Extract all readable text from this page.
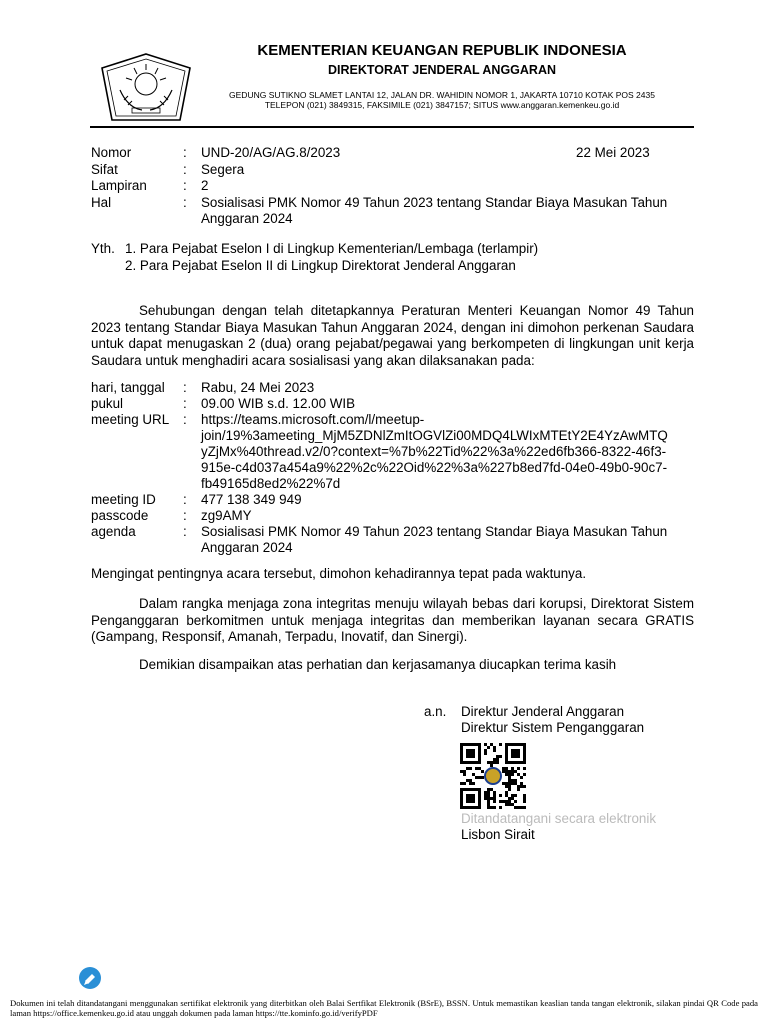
KEMENTERIAN KEUANGAN REPUBLIK INDONESIA
DIREKTORAT JENDERAL ANGGARAN
GEDUNG SUTIKNO SLAMET LANTAI 12, JALAN DR. WAHIDIN NOMOR 1, JAKARTA 10710 KOTAK POS 2435
TELEPON (021) 3849315, FAKSIMILE (021) 3847157; SITUS www.anggaran.kemenkeu.go.id
Nomor	: UND-20/AG/AG.8/2023	22 Mei 2023
Sifat	: Segera
Lampiran	: 2
Hal	: Sosialisasi PMK Nomor 49 Tahun 2023 tentang Standar Biaya Masukan Tahun
Anggaran 2024
Yth. 1. Para Pejabat Eselon I di Lingkup Kementerian/Lembaga (terlampir)
2. Para Pejabat Eselon II di Lingkup Direktorat Jenderal Anggaran
Sehubungan dengan telah ditetapkannya Peraturan Menteri Keuangan Nomor 49 Tahun 2023 tentang Standar Biaya Masukan Tahun Anggaran 2024, dengan ini dimohon perkenan Saudara untuk dapat menugaskan 2 (dua) orang pejabat/pegawai yang berkompeten di lingkungan unit kerja Saudara untuk menghadiri acara sosialisasi yang akan dilaksanakan pada:
hari, tanggal : Rabu, 24 Mei 2023
pukul	: 09.00 WIB s.d. 12.00 WIB
meeting URL : https://teams.microsoft.com/l/meetup-
join/19%3ameeting_MjM5ZDNlZmItOGVlZi00MDQ4LWIxMTEtY2E4YzAwMTQ
yZjMx%40thread.v2/0?context=%7b%22Tid%22%3a%22ed6fb366-8322-46f3-
915e-c4d037a454a9%22%2c%22Oid%22%3a%227b8ed7fd-04e0-49b0-90c7-
fb49165d8ed2%22%7d
meeting ID : 477 138 349 949
passcode	: zg9AMY
agenda	: Sosialisasi PMK Nomor 49 Tahun 2023 tentang Standar Biaya Masukan Tahun
Anggaran 2024
Mengingat pentingnya acara tersebut, dimohon kehadirannya tepat pada waktunya.
Dalam rangka menjaga zona integritas menuju wilayah bebas dari korupsi, Direktorat Sistem Penganggaran berkomitmen untuk menjaga integritas dan memberikan layanan secara GRATIS (Gampang, Responsif, Amanah, Terpadu, Inovatif, dan Sinergi).
Demikian disampaikan atas perhatian dan kerjasamanya diucapkan terima kasih
a.n. Direktur Jenderal Anggaran
Direktur Sistem Penganggaran
Ditandatangani secara elektronik
Lisbon Sirait
Dokumen ini telah ditandatangani menggunakan sertifikat elektronik yang diterbitkan oleh Balai Sertfikat Elektronik (BSrE), BSSN. Untuk memastikan keaslian tanda tangan elektronik, silakan pindai QR Code pada laman https://office.kemenkeu.go.id atau unggah dokumen pada laman https://tte.kominfo.go.id/verifyPDF
